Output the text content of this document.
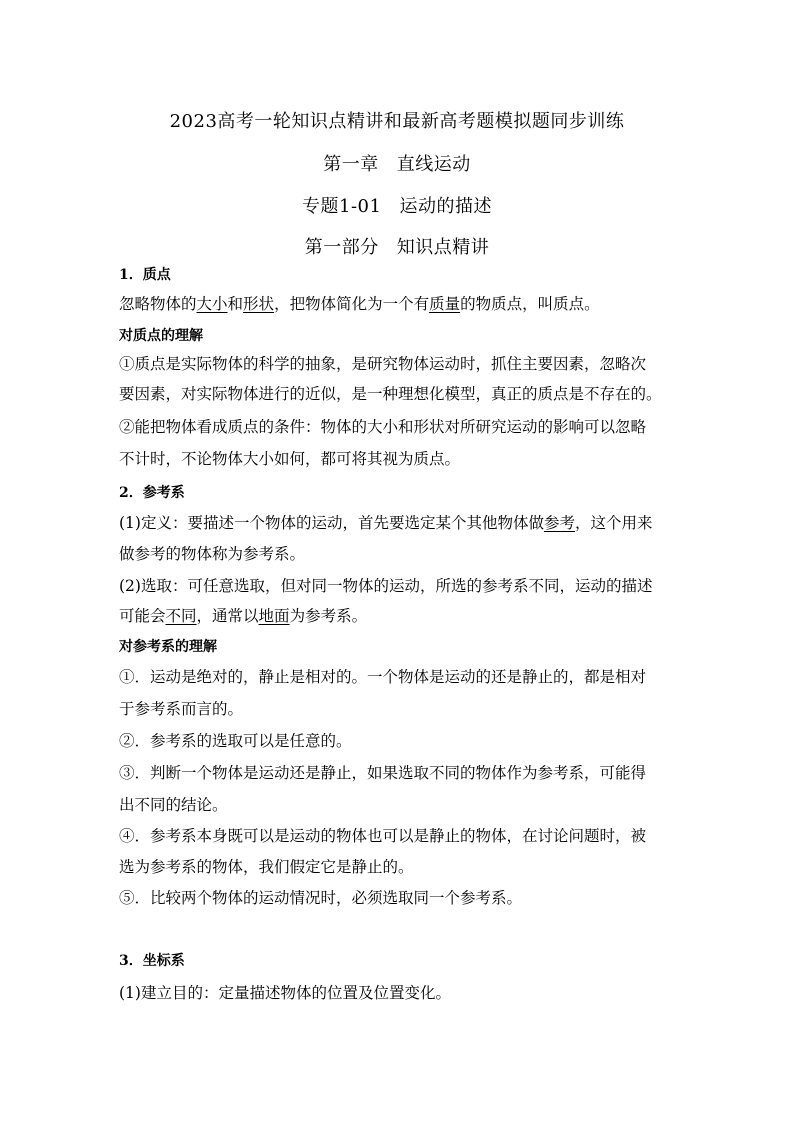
2023高考一轮知识点精讲和最新高考题模拟题同步训练
第一章 直线运动
专题1-01 运动的描述
第一部分 知识点精讲
1．质点
忽略物体的大小和形状，把物体简化为一个有质量的物质点，叫质点。
对质点的理解
①质点是实际物体的科学的抽象，是研究物体运动时，抓住主要因素，忽略次
要因素，对实际物体进行的近似，是一种理想化模型，真正的质点是不存在的。
②能把物体看成质点的条件：物体的大小和形状对所研究运动的影响可以忽略
不计时，不论物体大小如何，都可将其视为质点。
2．参考系
(1)定义：要描述一个物体的运动，首先要选定某个其他物体做参考，这个用来
做参考的物体称为参考系。
(2)选取：可任意选取，但对同一物体的运动，所选的参考系不同，运动的描述
可能会不同，通常以地面为参考系。
对参考系的理解
①．运动是绝对的，静止是相对的。一个物体是运动的还是静止的，都是相对
于参考系而言的。
②．参考系的选取可以是任意的。
③．判断一个物体是运动还是静止，如果选取不同的物体作为参考系，可能得
出不同的结论。
④．参考系本身既可以是运动的物体也可以是静止的物体，在讨论问题时，被
选为参考系的物体，我们假定它是静止的。
⑤．比较两个物体的运动情况时，必须选取同一个参考系。
3．坐标系
(1)建立目的：定量描述物体的位置及位置变化。
